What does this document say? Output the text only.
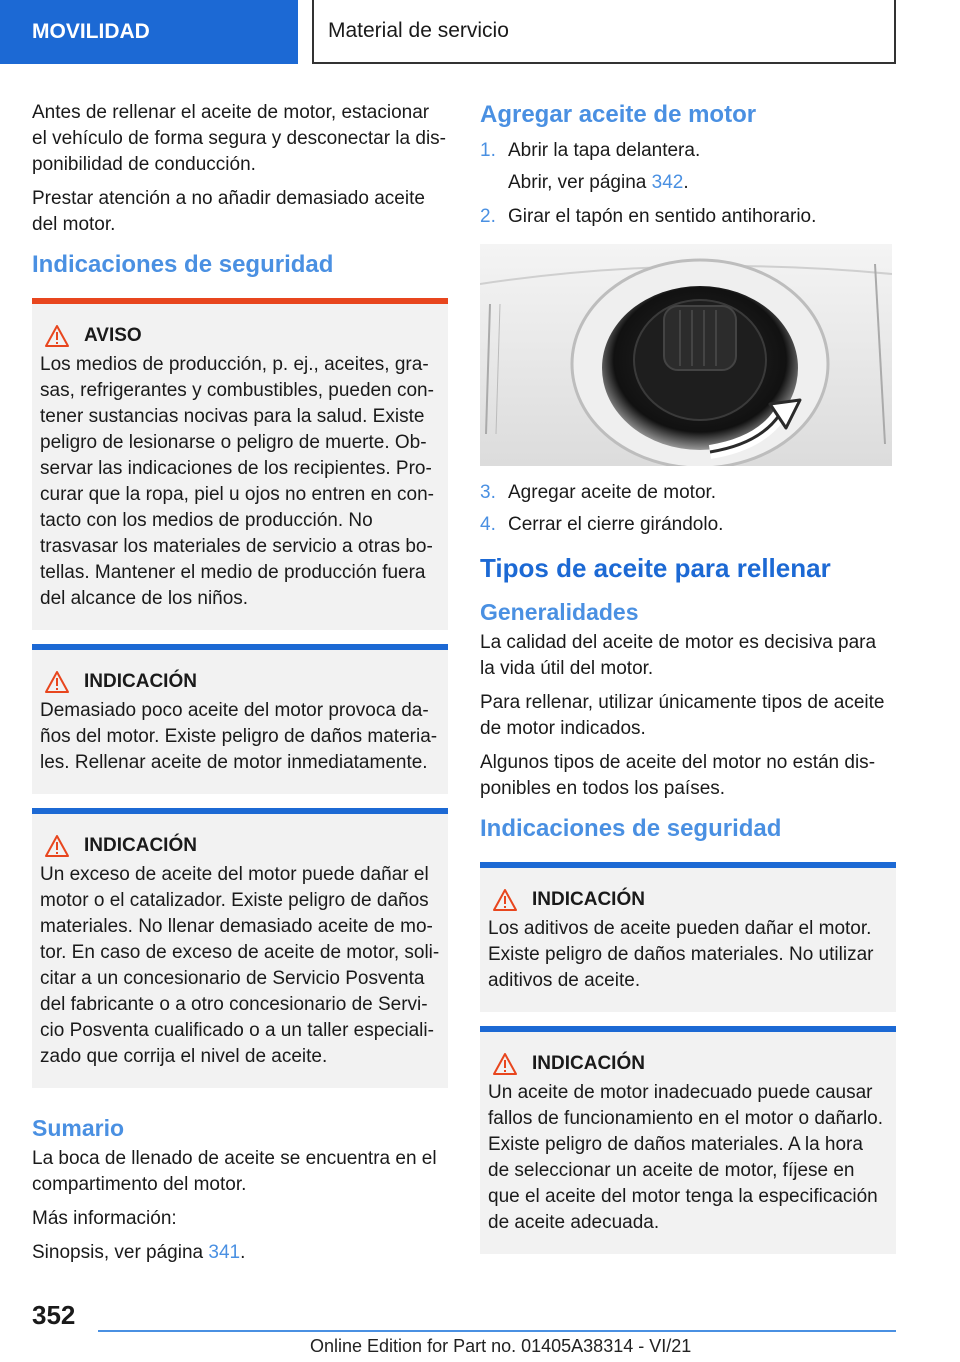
MOVILIDAD	Material de servicio

Antes de rellenar el aceite de motor, estacionar el vehículo de forma segura y desconectar la disponibilidad de conducción.

Prestar atención a no añadir demasiado aceite del motor.

Indicaciones de seguridad
AVISO

Los medios de producción, p. ej., aceites, grasas, refrigerantes y combustibles, pueden contener sustancias nocivas para la salud. Existe peligro de lesionarse o peligro de muerte. Observar las indicaciones de los recipientes. Procurar que la ropa, piel u ojos no entren en contacto con los medios de producción. No trasvasar los materiales de servicio a otras botellas. Mantener el medio de producción fuera del alcance de los niños.

INDICACIÓN

Demasiado poco aceite del motor provoca daños del motor. Existe peligro de daños materiales. Rellenar aceite de motor inmediatamente.

INDICACIÓN

Un exceso de aceite del motor puede dañar el motor o el catalizador. Existe peligro de daños materiales. No llenar demasiado aceite de motor. En caso de exceso de aceite de motor, solicitar a un concesionario de Servicio Posventa del fabricante o a otro concesionario de Servicio Posventa cualificado o a un taller especializado que corrija el nivel de aceite.

Sumario

La boca de llenado de aceite se encuentra en el compartimento del motor.

Más información:

Sinopsis, ver página 341.

Agregar aceite de motor
1. Abrir la tapa delantera.
Abrir, ver página 342.
2. Girar el tapón en sentido antihorario.
3. Agregar aceite de motor.
4. Cerrar el cierre girándolo.
Tipos de aceite para rellenar
Generalidades

La calidad del aceite de motor es decisiva para la vida útil del motor.

Para rellenar, utilizar únicamente tipos de aceite de motor indicados.

Algunos tipos de aceite del motor no están disponibles en todos los países.

Indicaciones de seguridad
INDICACIÓN

Los aditivos de aceite pueden dañar el motor. Existe peligro de daños materiales. No utilizar aditivos de aceite.

INDICACIÓN

Un aceite de motor inadecuado puede causar fallos de funcionamiento en el motor o dañarlo. Existe peligro de daños materiales. A la hora de seleccionar un aceite de motor, fíjese en que el aceite del motor tenga la especificación de aceite adecuada.

352
Online Edition for Part no. 01405A38314 - VI/21
